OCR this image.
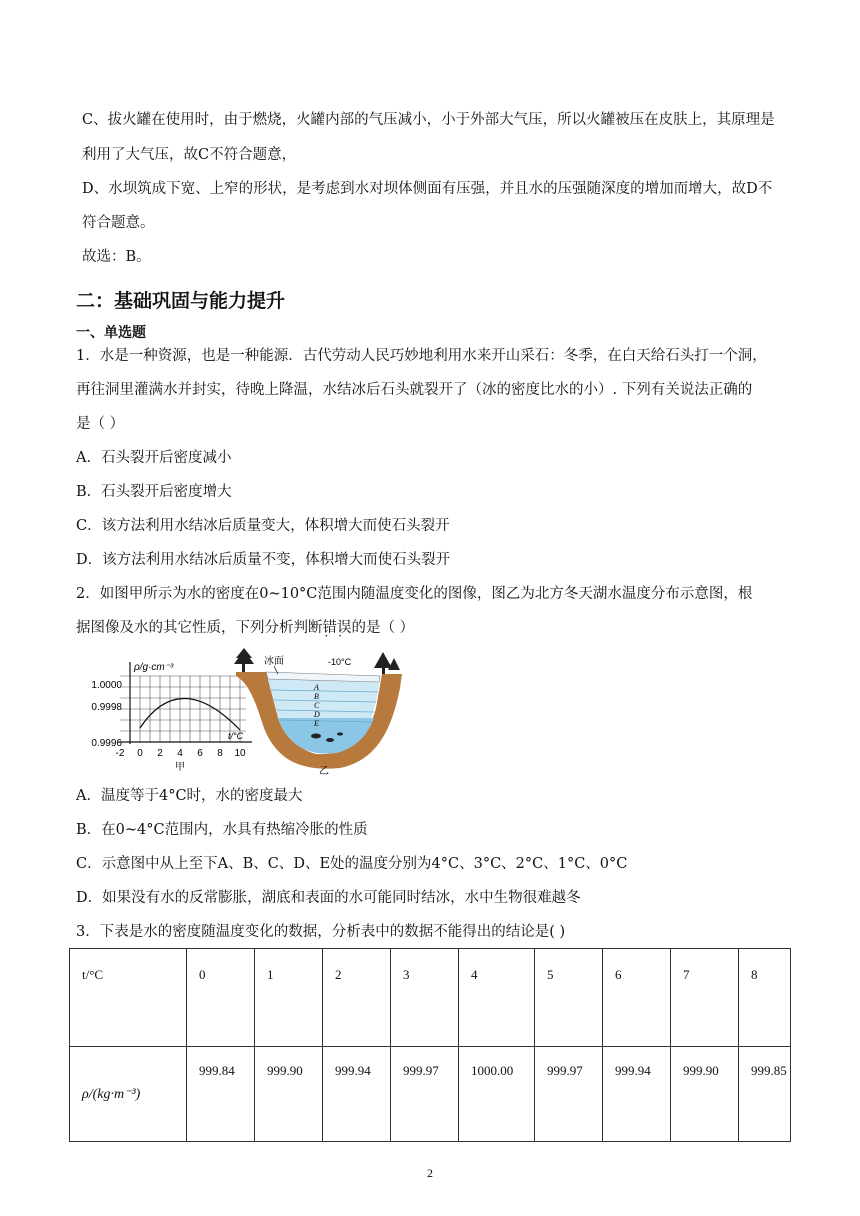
C、拔火罐在使用时，由于燃烧，火罐内部的气压减小，小于外部大气压，所以火罐被压在皮肤上，其原理是
利用了大气压，故C不符合题意，
D、水坝筑成下宽、上窄的形状，是考虑到水对坝体侧面有压强，并且水的压强随深度的增加而增大，故D不
符合题意。
故选：B。
二：基础巩固与能力提升
一、单选题
1．水是一种资源，也是一种能源．古代劳动人民巧妙地利用水来开山采石：冬季，在白天给石头打一个洞，
再往洞里灌满水并封实，待晚上降温，水结冰后石头就裂开了（冰的密度比水的小）. 下列有关说法正确的
是（ ）
A．石头裂开后密度减小
B．石头裂开后密度增大
C．该方法利用水结冰后质量变大，体积增大而使石头裂开
D．该方法利用水结冰后质量不变，体积增大而使石头裂开
2．如图甲所示为水的密度在0~10°C范围内随温度变化的图像，图乙为北方冬天湖水温度分布示意图，根
据图像及水的其它性质，下列分析判断错误 · ·的是（ ）
1.0000
0.9998
0.9996
ρ/g·cm⁻³
-2 0 2 4 6 8 10
t/°C
甲
冰面	-10°C
A
B
C
D
E
乙
A．温度等于4°C时，水的密度最大
B．在0~4°C范围内，水具有热缩冷胀的性质
C．示意图中从上至下A、B、C、D、E处的温度分别为4°C、3°C、2°C、1°C、0°C
D．如果没有水的反常膨胀，湖底和表面的水可能同时结冰，水中生物很难越冬
3．下表是水的密度随温度变化的数据，分析表中的数据不能得出的结论是( )
t/°C	0	1	2	3	4	5	6	7	8
ρ/(kg·m⁻³)	999.84	999.90	999.94	999.97	1000.00	999.97	999.94	999.90	999.85
2
